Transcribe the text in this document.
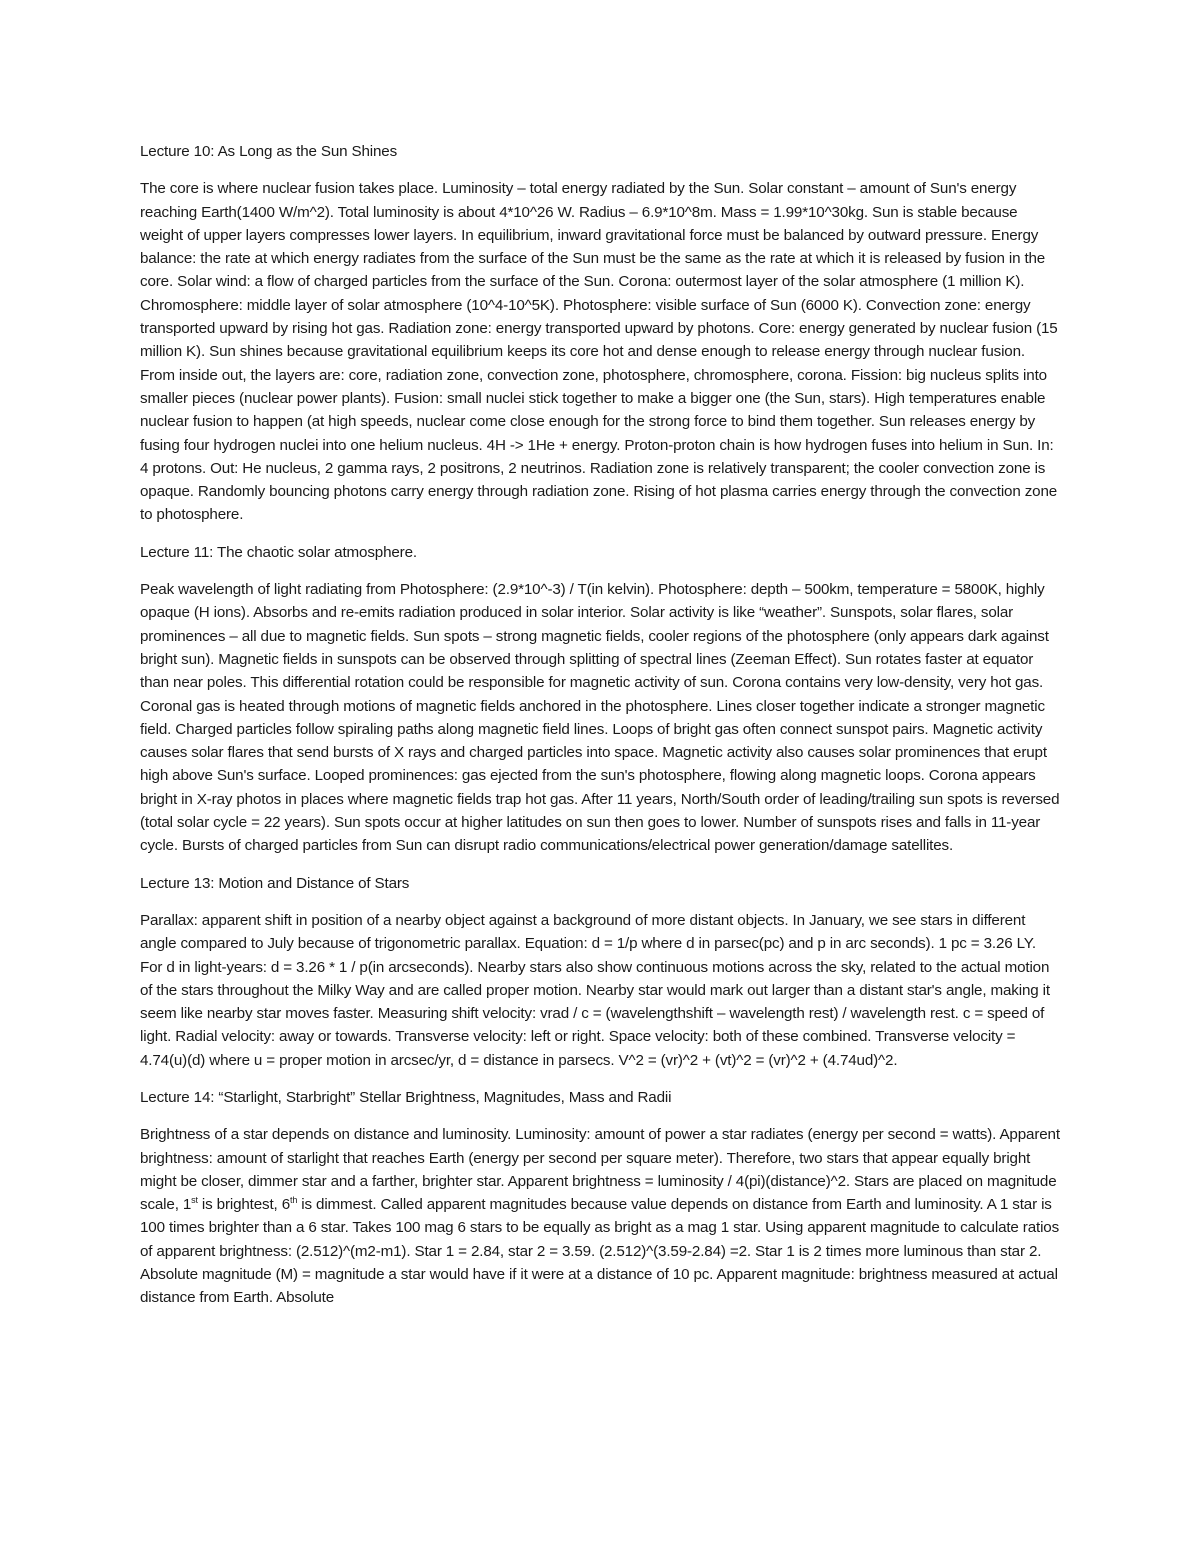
Lecture 10: As Long as the Sun Shines

The core is where nuclear fusion takes place. Luminosity – total energy radiated by the Sun. Solar constant – amount of Sun's energy reaching Earth(1400 W/m^2). Total luminosity is about 4*10^26 W. Radius – 6.9*10^8m. Mass = 1.99*10^30kg. Sun is stable because weight of upper layers compresses lower layers. In equilibrium, inward gravitational force must be balanced by outward pressure. Energy balance: the rate at which energy radiates from the surface of the Sun must be the same as the rate at which it is released by fusion in the core. Solar wind: a flow of charged particles from the surface of the Sun. Corona: outermost layer of the solar atmosphere (1 million K). Chromosphere: middle layer of solar atmosphere (10^4-10^5K). Photosphere: visible surface of Sun (6000 K). Convection zone: energy transported upward by rising hot gas. Radiation zone: energy transported upward by photons. Core: energy generated by nuclear fusion (15 million K). Sun shines because gravitational equilibrium keeps its core hot and dense enough to release energy through nuclear fusion. From inside out, the layers are: core, radiation zone, convection zone, photosphere, chromosphere, corona. Fission: big nucleus splits into smaller pieces (nuclear power plants). Fusion: small nuclei stick together to make a bigger one (the Sun, stars). High temperatures enable nuclear fusion to happen (at high speeds, nuclear come close enough for the strong force to bind them together. Sun releases energy by fusing four hydrogen nuclei into one helium nucleus. 4H -> 1He + energy. Proton-proton chain is how hydrogen fuses into helium in Sun. In: 4 protons. Out: He nucleus, 2 gamma rays, 2 positrons, 2 neutrinos. Radiation zone is relatively transparent; the cooler convection zone is opaque. Randomly bouncing photons carry energy through radiation zone. Rising of hot plasma carries energy through the convection zone to photosphere.

Lecture 11: The chaotic solar atmosphere.

Peak wavelength of light radiating from Photosphere: (2.9*10^-3) / T(in kelvin). Photosphere: depth – 500km, temperature = 5800K, highly opaque (H ions). Absorbs and re-emits radiation produced in solar interior. Solar activity is like “weather”. Sunspots, solar flares, solar prominences – all due to magnetic fields. Sun spots – strong magnetic fields, cooler regions of the photosphere (only appears dark against bright sun). Magnetic fields in sunspots can be observed through splitting of spectral lines (Zeeman Effect). Sun rotates faster at equator than near poles. This differential rotation could be responsible for magnetic activity of sun. Corona contains very low-density, very hot gas. Coronal gas is heated through motions of magnetic fields anchored in the photosphere. Lines closer together indicate a stronger magnetic field. Charged particles follow spiraling paths along magnetic field lines. Loops of bright gas often connect sunspot pairs. Magnetic activity causes solar flares that send bursts of X rays and charged particles into space. Magnetic activity also causes solar prominences that erupt high above Sun's surface. Looped prominences: gas ejected from the sun's photosphere, flowing along magnetic loops. Corona appears bright in X-ray photos in places where magnetic fields trap hot gas. After 11 years, North/South order of leading/trailing sun spots is reversed (total solar cycle = 22 years). Sun spots occur at higher latitudes on sun then goes to lower. Number of sunspots rises and falls in 11-year cycle. Bursts of charged particles from Sun can disrupt radio communications/electrical power generation/damage satellites.

Lecture 13: Motion and Distance of Stars

Parallax: apparent shift in position of a nearby object against a background of more distant objects. In January, we see stars in different angle compared to July because of trigonometric parallax. Equation: d = 1/p where d in parsec(pc) and p in arc seconds). 1 pc = 3.26 LY. For d in light-years: d = 3.26 * 1 / p(in arcseconds). Nearby stars also show continuous motions across the sky, related to the actual motion of the stars throughout the Milky Way and are called proper motion. Nearby star would mark out larger than a distant star's angle, making it seem like nearby star moves faster. Measuring shift velocity: vrad / c = (wavelengthshift – wavelength rest) / wavelength rest. c = speed of light. Radial velocity: away or towards. Transverse velocity: left or right. Space velocity: both of these combined. Transverse velocity = 4.74(u)(d) where u = proper motion in arcsec/yr, d = distance in parsecs. V^2 = (vr)^2 + (vt)^2 = (vr)^2 + (4.74ud)^2.

Lecture 14: “Starlight, Starbright” Stellar Brightness, Magnitudes, Mass and Radii

Brightness of a star depends on distance and luminosity. Luminosity: amount of power a star radiates (energy per second = watts). Apparent brightness: amount of starlight that reaches Earth (energy per second per square meter). Therefore, two stars that appear equally bright might be closer, dimmer star and a farther, brighter star. Apparent brightness = luminosity / 4(pi)(distance)^2. Stars are placed on magnitude scale, 1st is brightest, 6th is dimmest. Called apparent magnitudes because value depends on distance from Earth and luminosity. A 1 star is 100 times brighter than a 6 star. Takes 100 mag 6 stars to be equally as bright as a mag 1 star. Using apparent magnitude to calculate ratios of apparent brightness: (2.512)^(m2-m1). Star 1 = 2.84, star 2 = 3.59. (2.512)^(3.59-2.84) =2. Star 1 is 2 times more luminous than star 2. Absolute magnitude (M) = magnitude a star would have if it were at a distance of 10 pc. Apparent magnitude: brightness measured at actual distance from Earth. Absolute
